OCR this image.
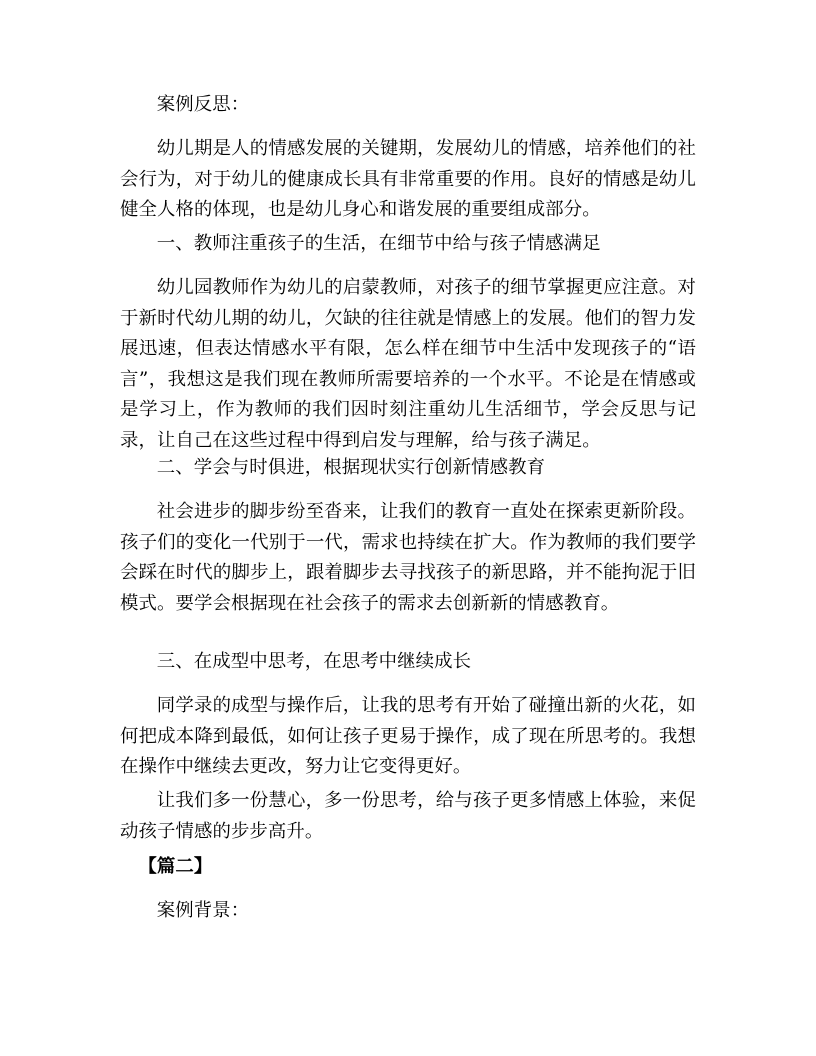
案例反思：

幼儿期是人的情感发展的关键期，发展幼儿的情感，培养他们的社会行为，对于幼儿的健康成长具有非常重要的作用。良好的情感是幼儿健全人格的体现，也是幼儿身心和谐发展的重要组成部分。

一、教师注重孩子的生活，在细节中给与孩子情感满足

幼儿园教师作为幼儿的启蒙教师，对孩子的细节掌握更应注意。对于新时代幼儿期的幼儿，欠缺的往往就是情感上的发展。他们的智力发展迅速，但表达情感水平有限，怎么样在细节中生活中发现孩子的“语言”，我想这是我们现在教师所需要培养的一个水平。不论是在情感或是学习上，作为教师的我们因时刻注重幼儿生活细节，学会反思与记录，让自己在这些过程中得到启发与理解，给与孩子满足。

二、学会与时俱进，根据现状实行创新情感教育

社会进步的脚步纷至沓来，让我们的教育一直处在探索更新阶段。孩子们的变化一代别于一代，需求也持续在扩大。作为教师的我们要学会踩在时代的脚步上，跟着脚步去寻找孩子的新思路，并不能拘泥于旧模式。要学会根据现在社会孩子的需求去创新新的情感教育。

三、在成型中思考，在思考中继续成长

同学录的成型与操作后，让我的思考有开始了碰撞出新的火花，如何把成本降到最低，如何让孩子更易于操作，成了现在所思考的。我想在操作中继续去更改，努力让它变得更好。

让我们多一份慧心，多一份思考，给与孩子更多情感上体验，来促动孩子情感的步步高升。

【篇二】

案例背景：
